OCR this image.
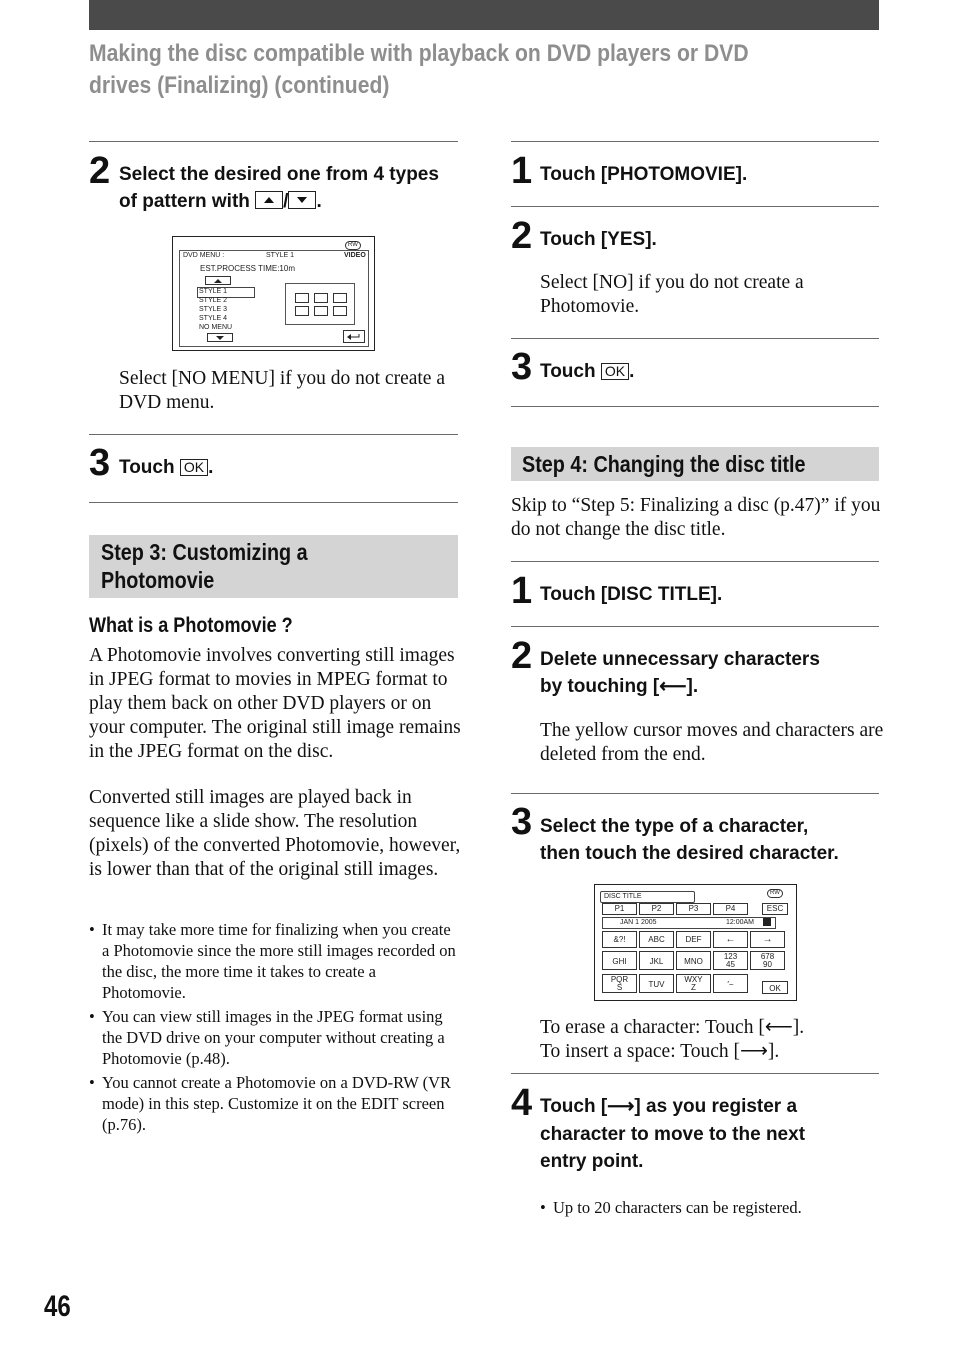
Making the disc compatible with playback on DVD players or DVD drives (Finalizing) (continued)
2 Select the desired one from 4 types of pattern with / .
DVD MENU :	STYLE 1
RW
VIDEO
EST.PROCESS TIME:10m
STYLE 1
STYLE 2
STYLE 3
STYLE 4
NO MENU
Select [NO MENU] if you do not create a DVD menu.
3 Touch OK .
Step 3: Customizing a
Photomovie
What is a Photomovie ?
A Photomovie involves converting still images in JPEG format to movies in MPEG format to play them back on other DVD players or on your computer. The original still image remains in the JPEG format on the disc.
Converted still images are played back in sequence like a slide show. The resolution (pixels) of the converted Photomovie, however, is lower than that of the original still images.
• It may take more time for finalizing when you create a Photomovie since the more still images recorded on the disc, the more time it takes to create a Photomovie.
• You can view still images in the JPEG format using the DVD drive on your computer without creating a Photomovie (p.48).
• You cannot create a Photomovie on a DVD-RW (VR mode) in this step. Customize it on the EDIT screen (p.76).
1 Touch [PHOTOMOVIE].
2 Touch [YES].
Select [NO] if you do not create a Photomovie.
3 Touch OK .
Step 4: Changing the disc title
Skip to “Step 5: Finalizing a disc (p.47)” if you do not change the disc title.
1 Touch [DISC TITLE].
2 Delete unnecessary characters
by touching [⟵].
The yellow cursor moves and characters are deleted from the end.
3 Select the type of a character,
then touch the desired character.
DISC TITLE	RW
P1	P2	P3	P4	ESC
JAN 1 2005	12:00AM
&?!	ABC	DEF	←	→
GHI	JKL	MNO
123
45
678
90
PQR
S	TUV
WXY
Z	′−	OK
To erase a character: Touch [⟵].
To insert a space: Touch [⟶].
4 Touch [⟶] as you register a
character to move to the next
entry point.
• Up to 20 characters can be registered.
46
